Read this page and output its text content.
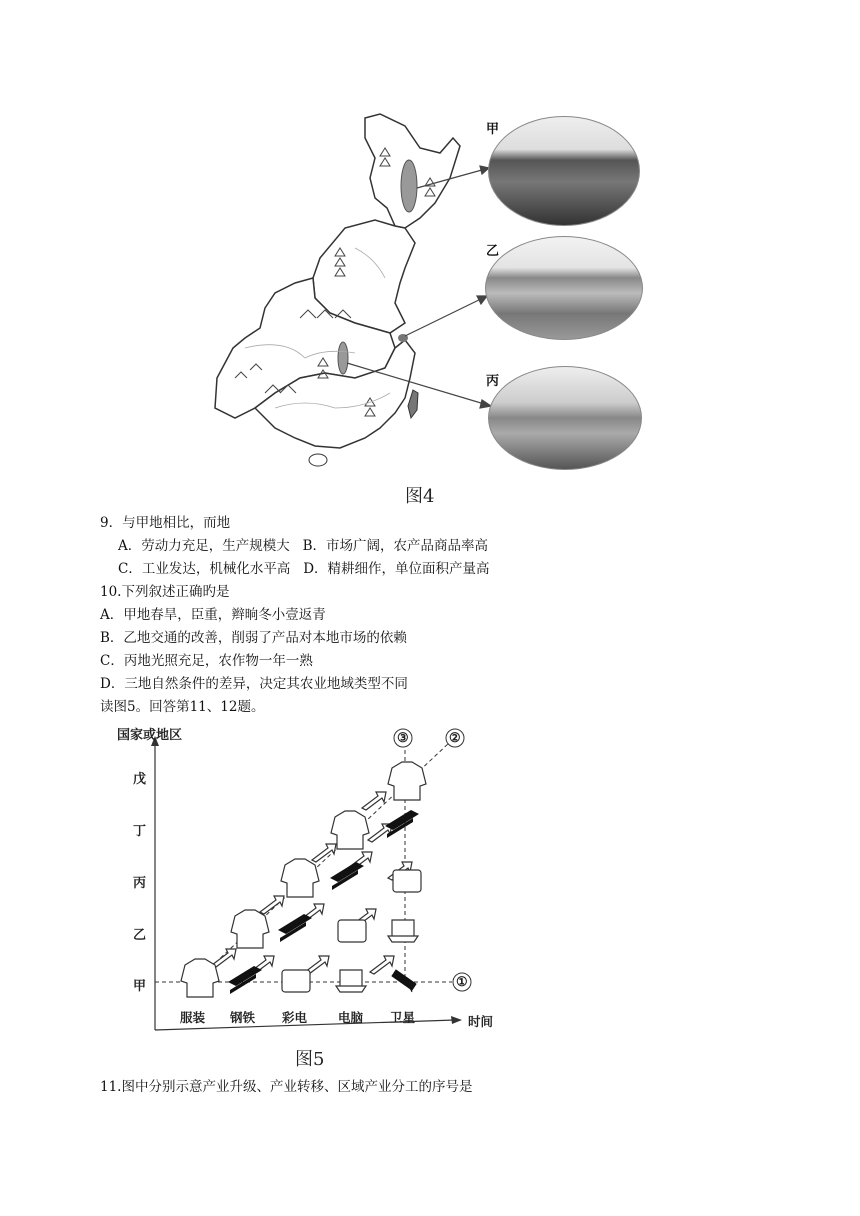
甲
乙
丙
图4
9．与甲地相比，而地
A．劳动力充足，生产规模大   B．市场广阔，农产品商品率高
C．工业发达，机械化水平高   D．精耕细作，单位面积产量高
10.下列叙述正确旳是
A．甲地春旱，臣重，辫晌冬小壹返青
B．乙地交通的改善，削弱了产品对本地市场的依赖
C．丙地光照充足，农作物一年一熟
D．三地自然条件的差异，决定其农业地域类型不同
读图5。回答第11、12题。
国家或地区
戊
丁
丙
乙
甲
服装 钢铁 彩电 电脑 卫星	时间
③	②
①
图5
11.图中分别示意产业升级、产业转移、区域产业分工的序号是
